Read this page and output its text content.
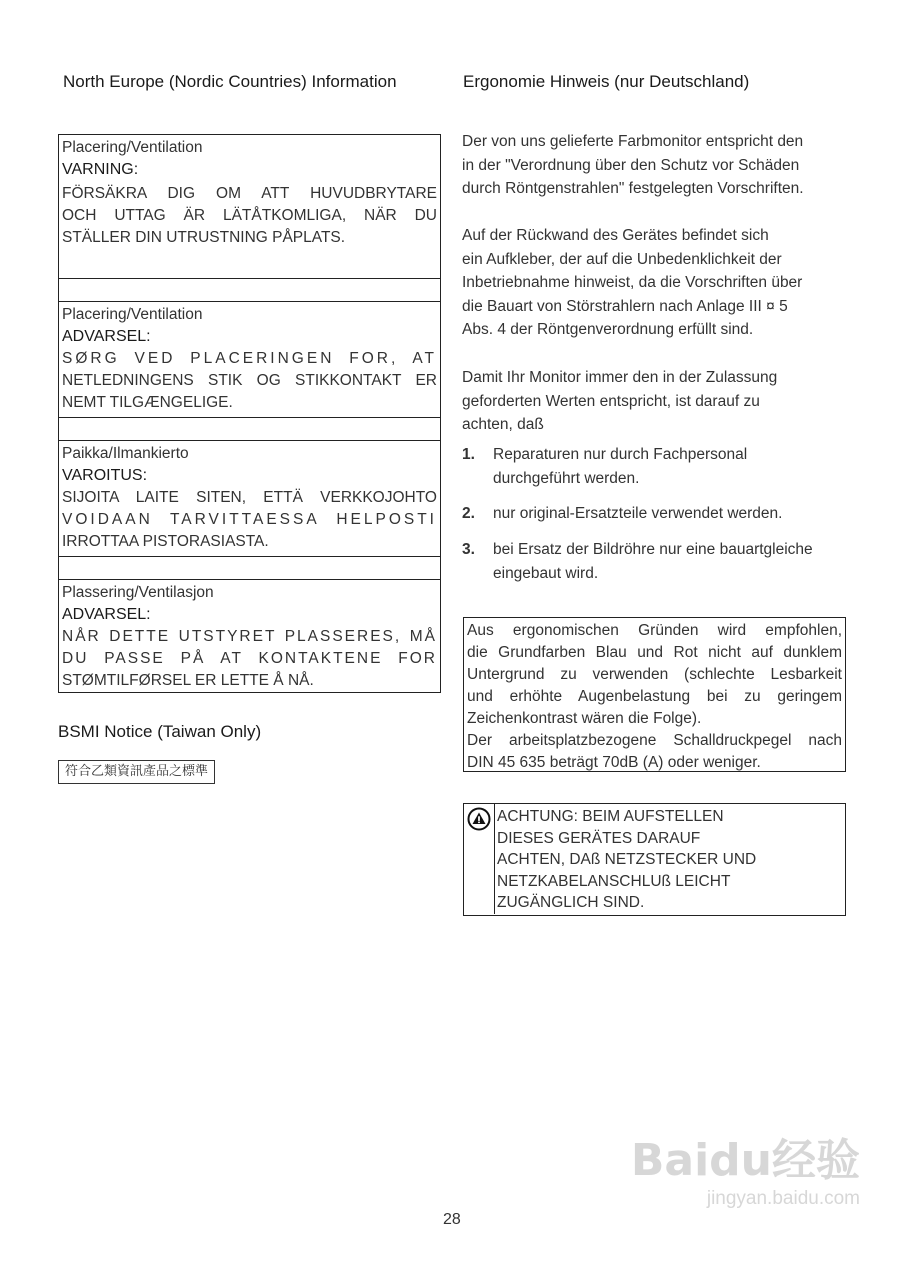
North Europe (Nordic Countries) Information
Placering/Ventilation
VARNING:
FÖRSÄKRA DIG OM ATT HUVUDBRYTARE
OCH UTTAG ÄR LÄTÅTKOMLIGA, NÄR DU
STÄLLER DIN UTRUSTNING PÅPLATS.
Placering/Ventilation
ADVARSEL:
SØRG VED PLACERINGEN FOR, AT
NETLEDNINGENS STIK OG STIKKONTAKT ER
NEMT TILGÆNGELIGE.
Paikka/Ilmankierto
VAROITUS:
SIJOITA LAITE SITEN, ETTÄ VERKKOJOHTO
VOIDAAN TARVITTAESSA HELPOSTI
IRROTTAA PISTORASIASTA.
Plassering/Ventilasjon
ADVARSEL:
NÅR DETTE UTSTYRET PLASSERES, MÅ
DU PASSE PÅ AT KONTAKTENE FOR
STØMTILFØRSEL ER LETTE Å NÅ.
BSMI Notice (Taiwan Only)
符合乙類資訊產品之標準
Ergonomie Hinweis (nur Deutschland)
Der von uns gelieferte Farbmonitor entspricht den
in der "Verordnung über den Schutz vor Schäden
durch Röntgenstrahlen" festgelegten Vorschriften.
Auf der Rückwand des Gerätes befindet sich
ein Aufkleber, der auf die Unbedenklichkeit der
Inbetriebnahme hinweist, da die Vorschriften über
die Bauart von Störstrahlern nach Anlage III ¤ 5
Abs. 4 der Röntgenverordnung erfüllt sind.
Damit Ihr Monitor immer den in der Zulassung
geforderten Werten entspricht, ist darauf zu
achten, daß
1.	Reparaturen nur durch Fachpersonal
durchgeführt werden.
2.	nur original-Ersatzteile verwendet werden.
3.	bei Ersatz der Bildröhre nur eine bauartgleiche
eingebaut wird.
Aus ergonomischen Gründen wird empfohlen,
die Grundfarben Blau und Rot nicht auf dunklem
Untergrund zu verwenden (schlechte Lesbarkeit
und erhöhte Augenbelastung bei zu geringem
Zeichenkontrast wären die Folge).
Der arbeitsplatzbezogene Schalldruckpegel nach
DIN 45 635 beträgt 70dB (A) oder weniger.
ACHTUNG: BEIM AUFSTELLEN
DIESES GERÄTES DARAUF
ACHTEN, DAß NETZSTECKER UND
NETZKABELANSCHLUß LEICHT
ZUGÄNGLICH SIND.
28
Baidu经验
jingyan.baidu.com
